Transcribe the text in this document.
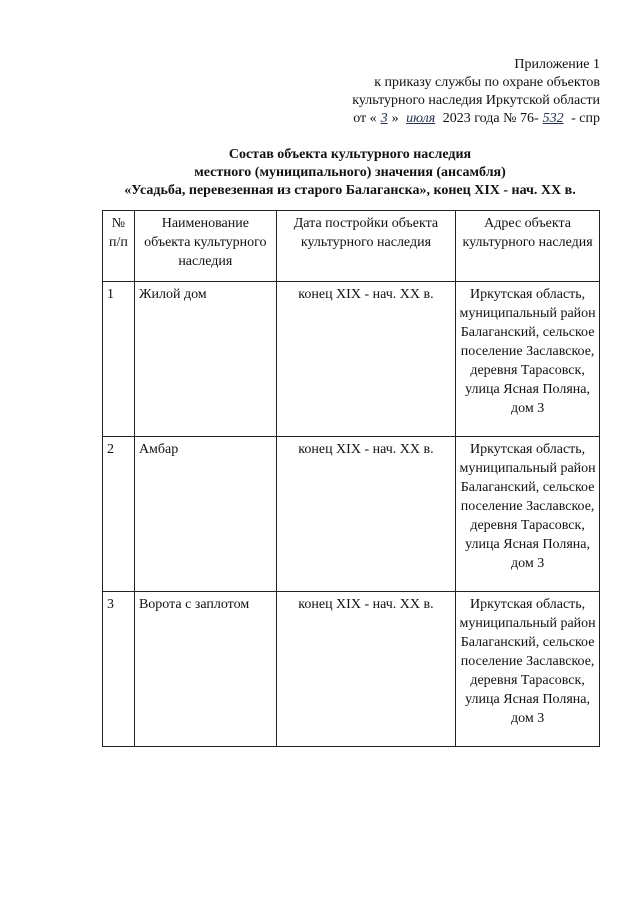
Приложение 1
к приказу службы по охране объектов
культурного наследия Иркутской области
от « 3 » июля 2023 года № 76- 532 - спр
Состав объекта культурного наследия
местного (муниципального) значения (ансамбля)
«Усадьба, перевезенная из старого Балаганска», конец XIX - нач. XX в.
№ п/п	Наименование объекта культурного наследия	Дата постройки объекта культурного наследия	Адрес объекта культурного наследия
1	Жилой дом	конец XIX - нач. XX в.	Иркутская область, муниципальный район Балаганский, сельское поселение Заславское, деревня Тарасовск, улица Ясная Поляна, дом 3

2	Амбар	конец XIX - нач. XX в.	Иркутская область, муниципальный район Балаганский, сельское поселение Заславское, деревня Тарасовск, улица Ясная Поляна, дом 3

3	Ворота с заплотом	конец XIX - нач. XX в.	Иркутская область, муниципальный район Балаганский, сельское поселение Заславское, деревня Тарасовск, улица Ясная Поляна, дом 3
